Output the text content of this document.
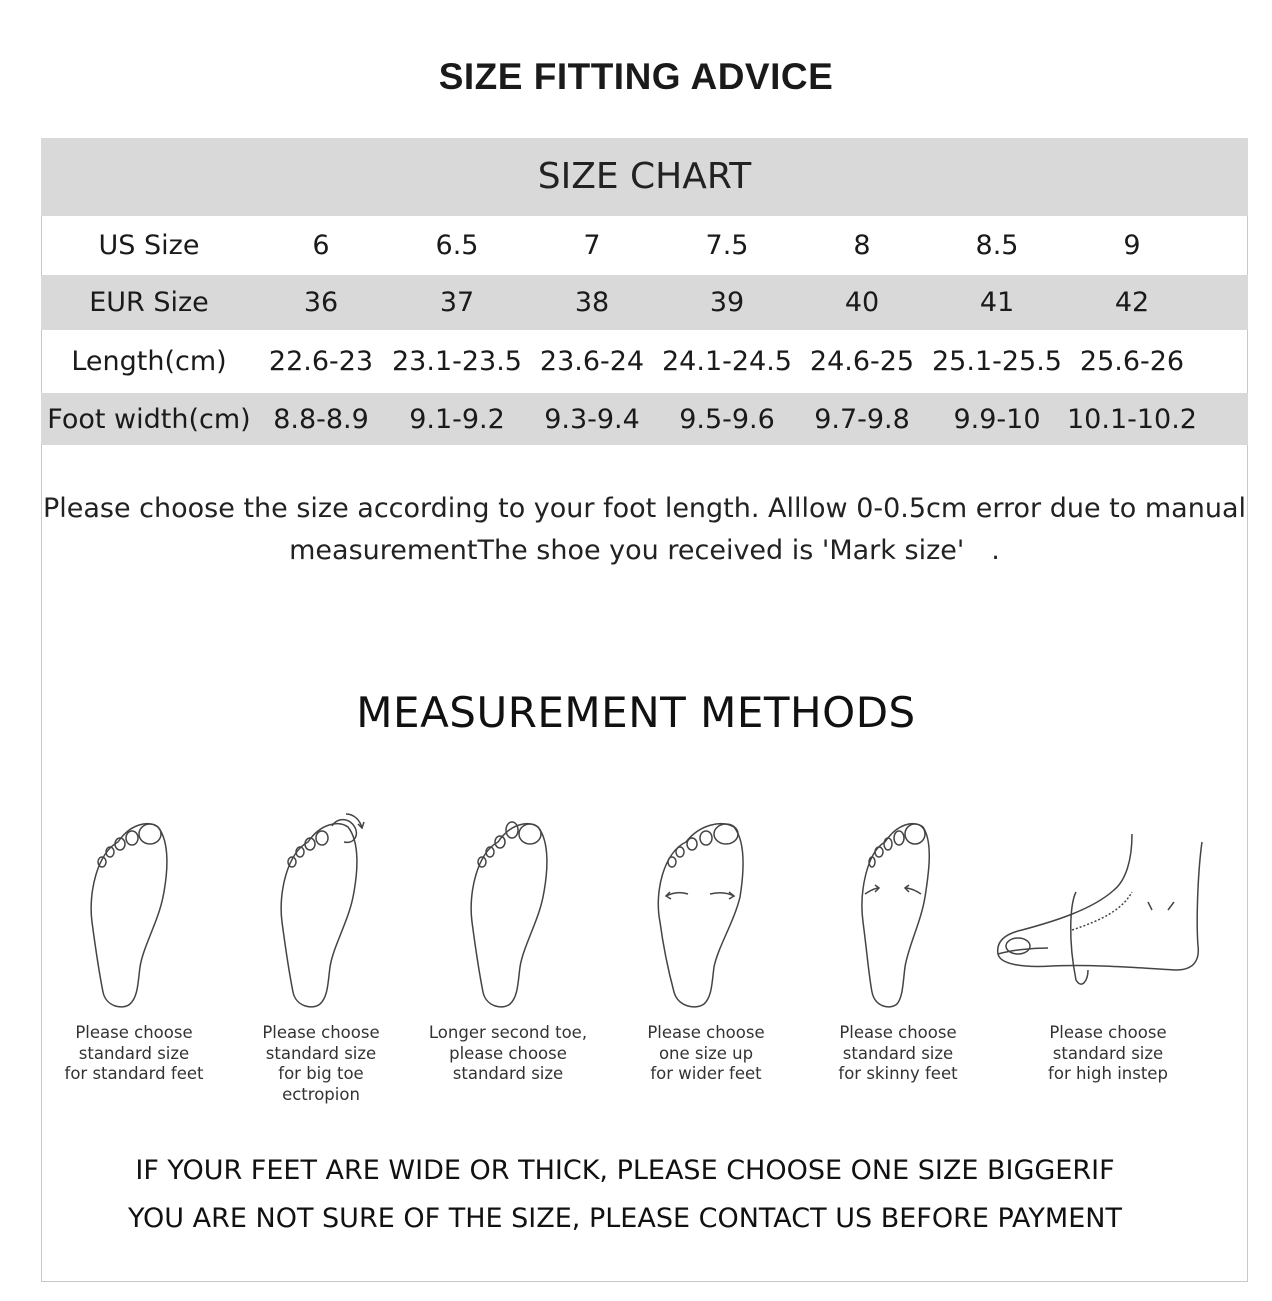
SIZE FITTING ADVICE
SIZE CHART
US Size	6	6.5	7	7.5	8	8.5	9
EUR Size	36	37	38	39	40	41	42
Length(cm)	22.6-23 23.1-23.5 23.6-24 24.1-24.5 24.6-25 25.1-25.5 25.6-26
Foot width(cm) 8.8-8.9	9.1-9.2	9.3-9.4	9.5-9.6	9.7-9.8	9.9-10 10.1-10.2
Please choose the size according to your foot length. Alllow 0-0.5cm error due to manual
measurementThe shoe you received is 'Mark size'　.
MEASUREMENT METHODS
Please choose
standard size
for standard feet
Please choose
standard size
for big toe
ectropion
Longer second toe,
please choose
standard size
Please choose
one size up
for wider feet
Please choose
standard size
for skinny feet
Please choose
standard size
for high instep
IF YOUR FEET ARE WIDE OR THICK, PLEASE CHOOSE ONE SIZE BIGGERIF
YOU ARE NOT SURE OF THE SIZE, PLEASE CONTACT US BEFORE PAYMENT
